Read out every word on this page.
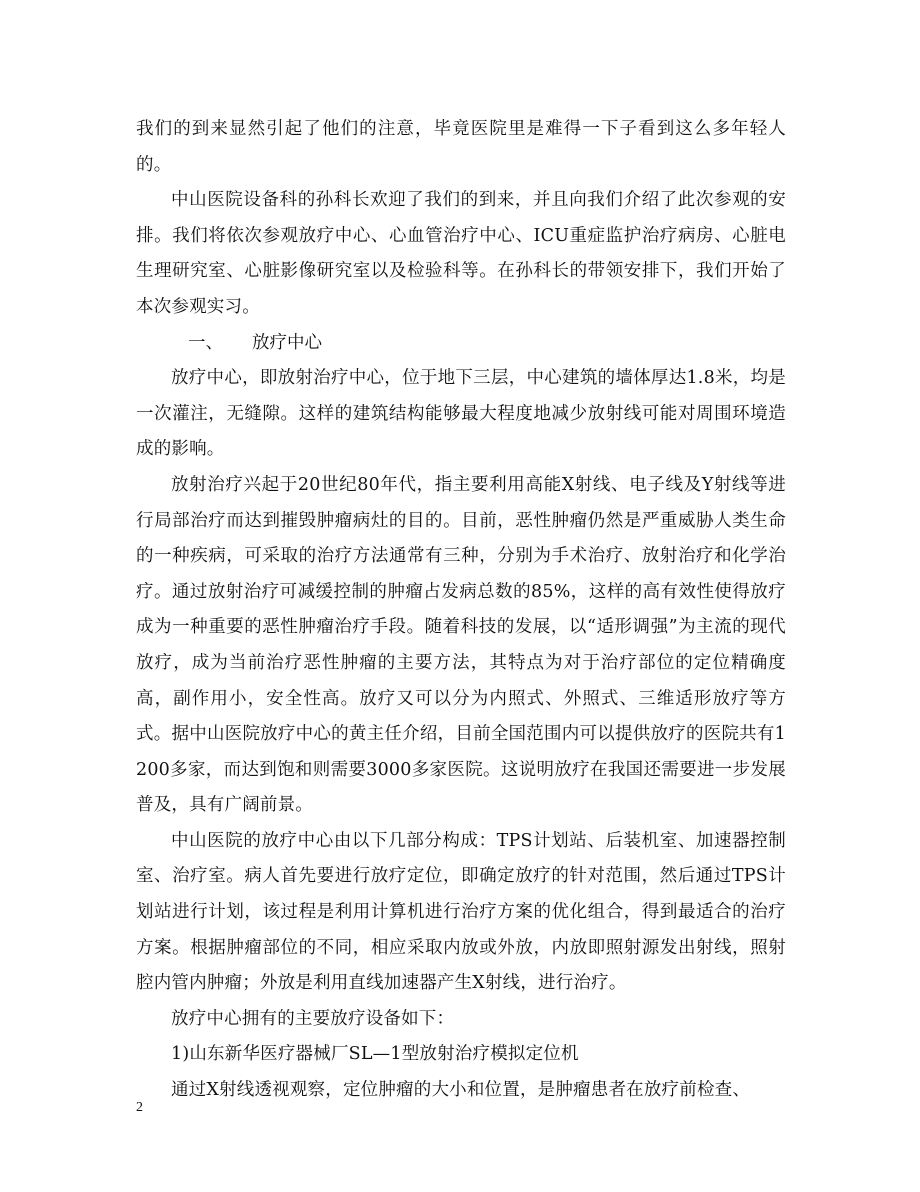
我们的到来显然引起了他们的注意，毕竟医院里是难得一下子看到这么多年轻人的。

中山医院设备科的孙科长欢迎了我们的到来，并且向我们介绍了此次参观的安排。我们将依次参观放疗中心、心血管治疗中心、ICU重症监护治疗病房、心脏电生理研究室、心脏影像研究室以及检验科等。在孙科长的带领安排下，我们开始了本次参观实习。

一、 放疗中心

放疗中心，即放射治疗中心，位于地下三层，中心建筑的墙体厚达1.8米，均是一次灌注，无缝隙。这样的建筑结构能够最大程度地减少放射线可能对周围环境造成的影响。

放射治疗兴起于20世纪80年代，指主要利用高能X射线、电子线及Y射线等进行局部治疗而达到摧毁肿瘤病灶的目的。目前，恶性肿瘤仍然是严重威胁人类生命的一种疾病，可采取的治疗方法通常有三种，分别为手术治疗、放射治疗和化学治疗。通过放射治疗可减缓控制的肿瘤占发病总数的85%，这样的高有效性使得放疗成为一种重要的恶性肿瘤治疗手段。随着科技的发展，以“适形调强”为主流的现代放疗，成为当前治疗恶性肿瘤的主要方法，其特点为对于治疗部位的定位精确度高，副作用小，安全性高。放疗又可以分为内照式、外照式、三维适形放疗等方式。据中山医院放疗中心的黄主任介绍，目前全国范围内可以提供放疗的医院共有1200多家，而达到饱和则需要3000多家医院。这说明放疗在我国还需要进一步发展普及，具有广阔前景。

中山医院的放疗中心由以下几部分构成：TPS计划站、后装机室、加速器控制室、治疗室。病人首先要进行放疗定位，即确定放疗的针对范围，然后通过TPS计划站进行计划，该过程是利用计算机进行治疗方案的优化组合，得到最适合的治疗方案。根据肿瘤部位的不同，相应采取内放或外放，内放即照射源发出射线，照射腔内管内肿瘤；外放是利用直线加速器产生X射线，进行治疗。

放疗中心拥有的主要放疗设备如下：

1)山东新华医疗器械厂SL—1型放射治疗模拟定位机

通过X射线透视观察，定位肿瘤的大小和位置，是肿瘤患者在放疗前检查、

2
